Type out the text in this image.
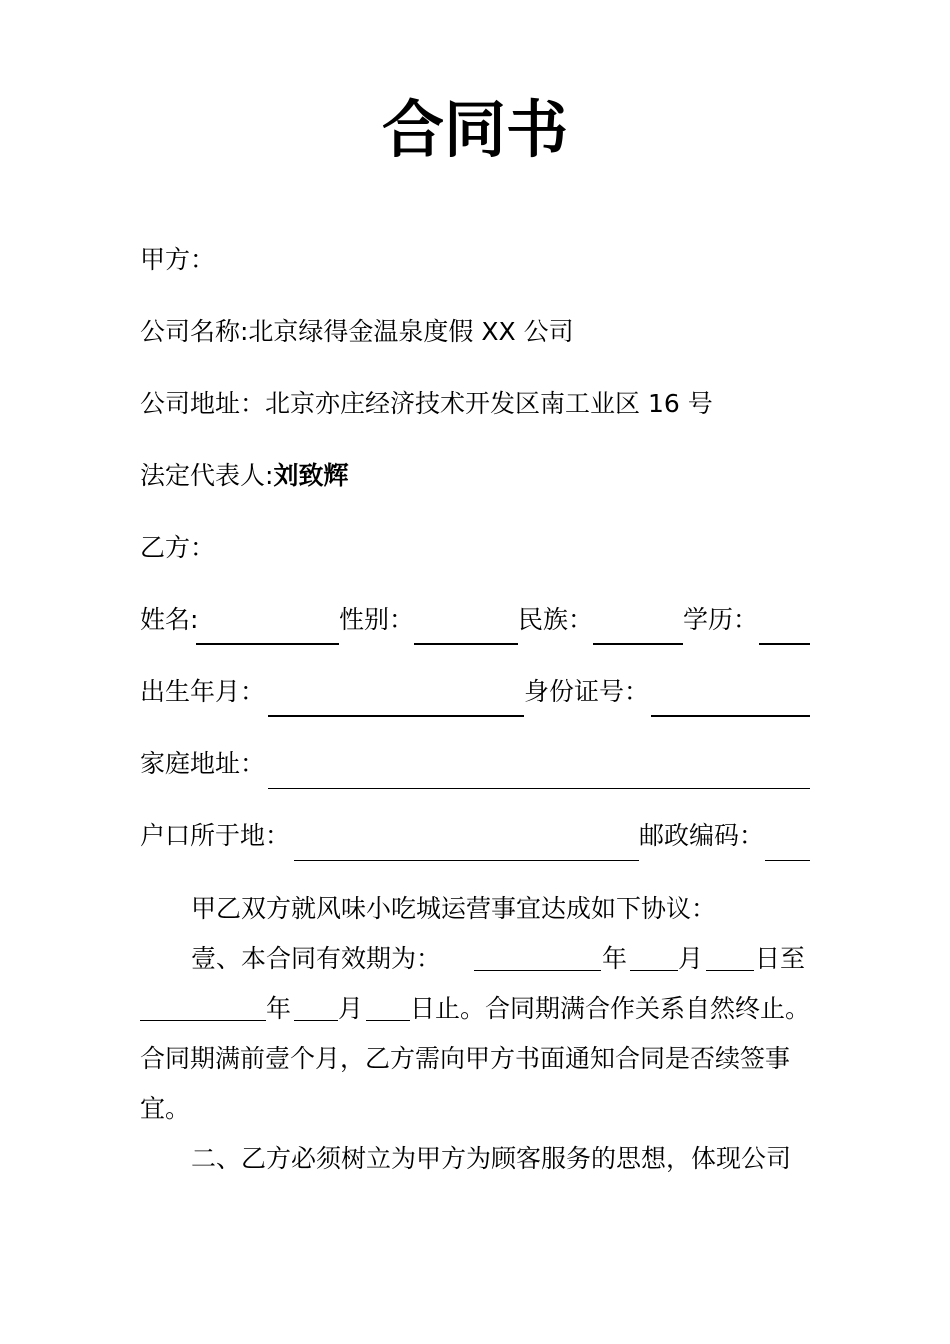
合同书
甲方：
公司名称:北京绿得金温泉度假 XX 公司
公司地址：北京亦庄经济技术开发区南工业区 16 号
法定代表人:刘致辉
乙方：
姓名:	性别：	民族：	学历：
出生年月：	身份证号：
家庭地址：
户口所于地：	邮政编码：
甲乙双方就风味小吃城运营事宜达成如下协议：
壹、本合同有效期为：	年 月 日至
年 月 日止。合同期满合作关系自然终止。
合同期满前壹个月，乙方需向甲方书面通知合同是否续签事
宜。
二、乙方必须树立为甲方为顾客服务的思想，体现公司
